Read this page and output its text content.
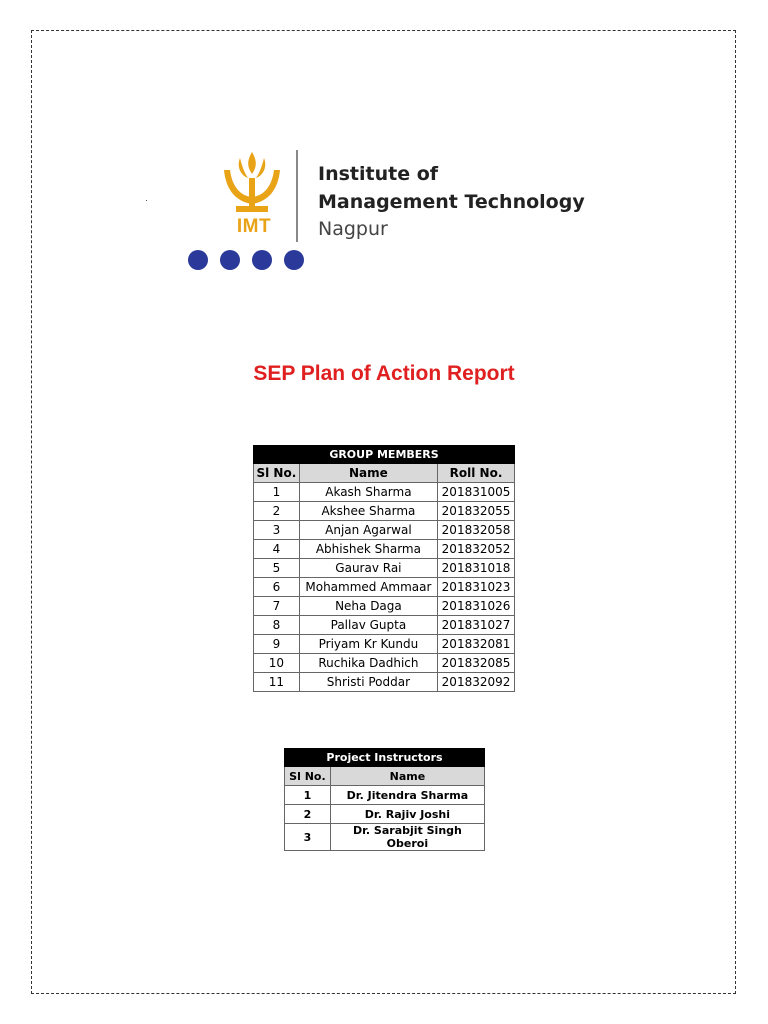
IMT
Institute of
Management Technology
Nagpur
SEP Plan of Action Report
GROUP MEMBERS		
Sl No.	Name	Roll No.
1	Akash Sharma	201831005
2	Akshee Sharma	201832055
3	Anjan Agarwal	201832058
4	Abhishek Sharma	201832052
5	Gaurav Rai	201831018
6	Mohammed Ammaar	201831023
7	Neha Daga	201831026
8	Pallav Gupta	201831027
9	Priyam Kr Kundu	201832081
10	Ruchika Dadhich	201832085
11	Shristi Poddar	201832092
Project Instructors	
Sl No.	Name
1	Dr. Jitendra Sharma
2	Dr. Rajiv Joshi
3	Dr. Sarabjit Singh Oberoi
